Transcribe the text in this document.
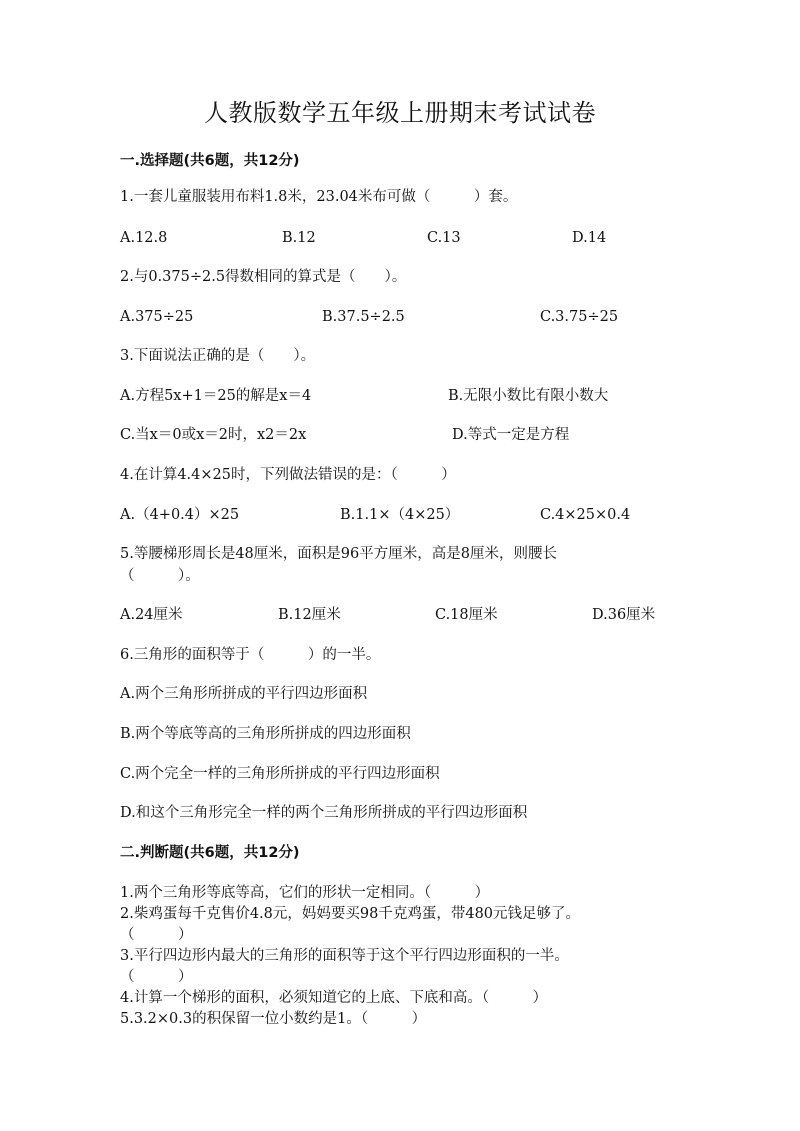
人教版数学五年级上册期末考试试卷
一.选择题(共6题，共12分)
1.一套儿童服装用布料1.8米，23.04米布可做（　　　）套。
A.12.8	B.12	C.13	D.14
2.与0.375÷2.5得数相同的算式是（　　）。
A.375÷25	B.37.5÷2.5	C.3.75÷25
3.下面说法正确的是（　　）。
A.方程5x+1＝25的解是x＝4	B.无限小数比有限小数大
C.当x＝0或x＝2时，x2＝2x	D.等式一定是方程
4.在计算4.4×25时，下列做法错误的是：（　　　）
A.（4+0.4）×25	B.1.1×（4×25）	C.4×25×0.4
5.等腰梯形周长是48厘米，面积是96平方厘米，高是8厘米，则腰长
（　　　）。
A.24厘米	B.12厘米	C.18厘米	D.36厘米
6.三角形的面积等于（　　　）的一半。
A.两个三角形所拼成的平行四边形面积
B.两个等底等高的三角形所拼成的四边形面积
C.两个完全一样的三角形所拼成的平行四边形面积
D.和这个三角形完全一样的两个三角形所拼成的平行四边形面积
二.判断题(共6题，共12分)
1.两个三角形等底等高，它们的形状一定相同。（　　　）
2.柴鸡蛋每千克售价4.8元，妈妈要买98千克鸡蛋，带480元钱足够了。
（　　　）
3.平行四边形内最大的三角形的面积等于这个平行四边形面积的一半。
（　　　）
4.计算一个梯形的面积，必须知道它的上底、下底和高。（　　　）
5.3.2×0.3的积保留一位小数约是1。（　　　）
